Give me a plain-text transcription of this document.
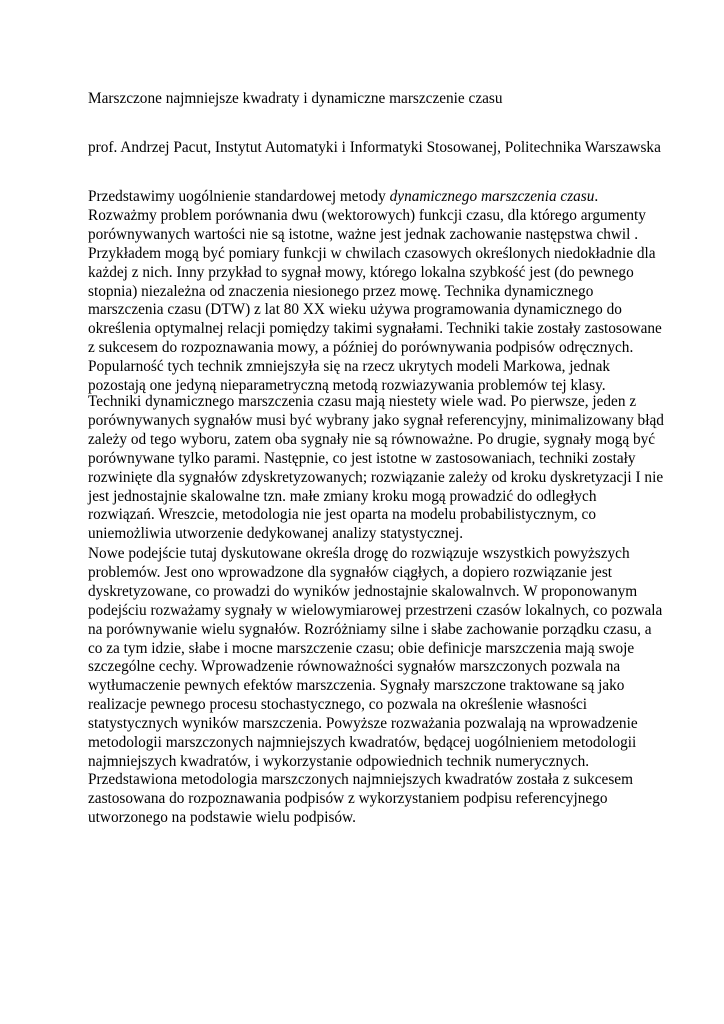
Marszczone najmniejsze kwadraty i dynamiczne marszczenie czasu

prof. Andrzej Pacut, Instytut Automatyki i Informatyki Stosowanej, Politechnika Warszawska

Przedstawimy uogólnienie standardowej metody dynamicznego marszczenia czasu.
Rozważmy problem porównania dwu (wektorowych) funkcji czasu, dla którego argumenty
porównywanych wartości nie są istotne, ważne jest jednak zachowanie następstwa chwil .
Przykładem mogą być pomiary funkcji w chwilach czasowych określonych niedokładnie dla
każdej z nich. Inny przykład to sygnał mowy, którego lokalna szybkość jest (do pewnego
stopnia) niezależna od znaczenia niesionego przez mowę. Technika dynamicznego
marszczenia czasu (DTW) z lat 80 XX wieku używa programowania dynamicznego do
określenia optymalnej relacji pomiędzy takimi sygnałami. Techniki takie zostały zastosowane
z sukcesem do rozpoznawania mowy, a później do porównywania podpisów odręcznych.
Popularność tych technik zmniejszyła się na rzecz ukrytych modeli Markowa, jednak
pozostają one jedyną nieparametryczną metodą rozwiazywania problemów tej klasy.
Techniki dynamicznego marszczenia czasu mają niestety wiele wad. Po pierwsze, jeden z
porównywanych sygnałów musi być wybrany jako sygnał referencyjny, minimalizowany błąd
zależy od tego wyboru, zatem oba sygnały nie są równoważne. Po drugie, sygnały mogą być
porównywane tylko parami. Następnie, co jest istotne w zastosowaniach, techniki zostały
rozwinięte dla sygnałów zdyskretyzowanych; rozwiązanie zależy od kroku dyskretyzacji I nie
jest jednostajnie skalowalne tzn. małe zmiany kroku mogą prowadzić do odległych
rozwiązań. Wreszcie, metodologia nie jest oparta na modelu probabilistycznym, co
uniemożliwia utworzenie dedykowanej analizy statystycznej.
Nowe podejście tutaj dyskutowane określa drogę do rozwiązuje wszystkich powyższych
problemów. Jest ono wprowadzone dla sygnałów ciągłych, a dopiero rozwiązanie jest
dyskretyzowane, co prowadzi do wyników jednostajnie skalowalnvch. W proponowanym
podejściu rozważamy sygnały w wielowymiarowej przestrzeni czasów lokalnych, co pozwala
na porównywanie wielu sygnałów. Rozróżniamy silne i słabe zachowanie porządku czasu, a
co za tym idzie, słabe i mocne marszczenie czasu; obie definicje marszczenia mają swoje
szczególne cechy. Wprowadzenie równoważności sygnałów marszczonych pozwala na
wytłumaczenie pewnych efektów marszczenia. Sygnały marszczone traktowane są jako
realizacje pewnego procesu stochastycznego, co pozwala na określenie własności
statystycznych wyników marszczenia. Powyższe rozważania pozwalają na wprowadzenie
metodologii marszczonych najmniejszych kwadratów, będącej uogólnieniem metodologii
najmniejszych kwadratów, i wykorzystanie odpowiednich technik numerycznych.
Przedstawiona metodologia marszczonych najmniejszych kwadratów została z sukcesem
zastosowana do rozpoznawania podpisów z wykorzystaniem podpisu referencyjnego
utworzonego na podstawie wielu podpisów.
